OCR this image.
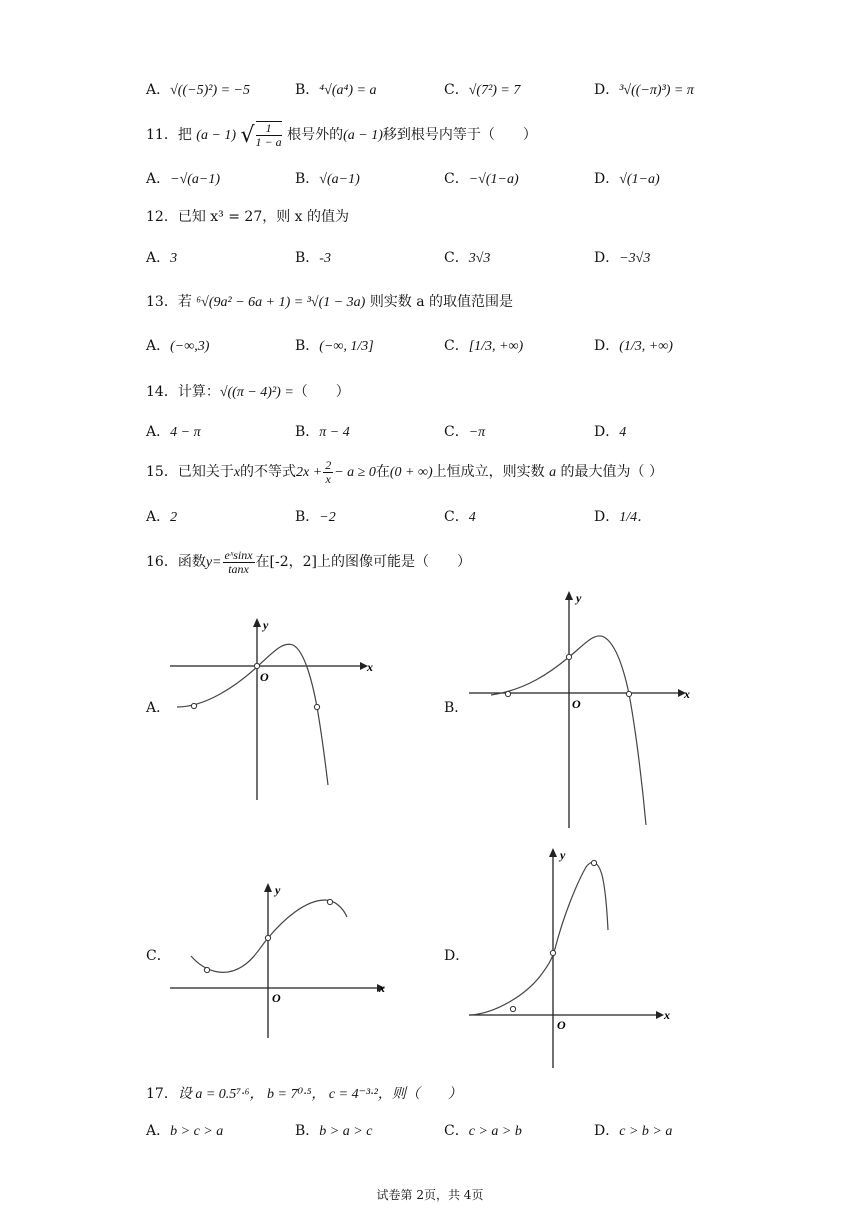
A．√((−5)²) = −5	B．⁴√(a⁴) = a	C．√(7²) = 7	D．³√((−π)³) = π
11．把 (a − 1) √ $\frac{1}{1 - a}$ 根号外的(a − 1)移到根号内等于（　　）
A．−√(a−1)	B．√(a−1)	C．−√(1−a)	D．√(1−a)
12．已知 x³ = 27，则 x 的值为
A．3	B．-3	C．3√3	D．−3√3
13．若 ⁶√(9a² − 6a + 1) = ³√(1 − 3a) 则实数 a 的取值范围是
A．(−∞,3)	B．(−∞, 1/3]	C．[1/3, +∞)	D．(1/3, +∞)
14．计算：√((π − 4)²) =（　　）
A．4 − π	B．π − 4	C．−π	D．4
15．已知关于x的不等式$2x + \frac{2}{x} - a \ge 0$在(0 + ∞)上恒成立，则实数 a 的最大值为（ ）
A．2	B．−2	C．4	D．1/4．
16．函数$y= \frac{\text{eˣsinx}}{\tan x}$ 在[-2，2]上的图像可能是（　　）
A．	B．
C．	D．
x
y
O
x
y
O
x
y
O
x
y
O
17．设 a = 0.5⁷·⁶， b = 7⁰·⁵， c = 4⁻³·²，则（　　）
A．b > c > a	B．b > a > c	C．c > a > b	D．c > b > a
试卷第 2页，共 4页
